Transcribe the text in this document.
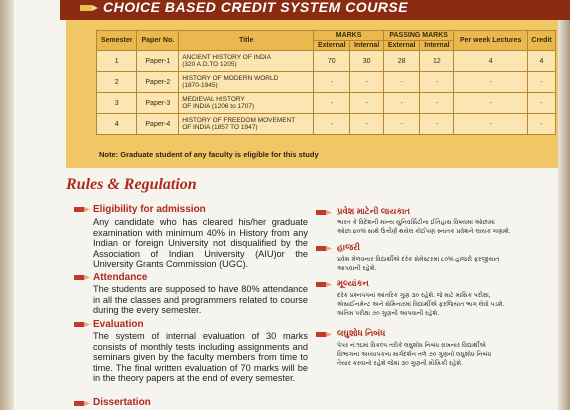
CHOICE BASED CREDIT SYSTEM COURSE
Semester	Paper No.	Title	MARKS		PASSING MARKS		Per week Lectures	Credit
			External	Internal	External	Internal		
1	Paper-1	ANCIENT HISTORY OF INDIA
(320 A.D.TO 1205)	70	30	28	12	4	4
2	Paper-2	HISTORY OF MODERN WORLD
(1870-1945)	-	-	-	-	-	-
3	Paper-3	MEDIEVAL HISTORY
OF INDIA (1206 to 1707)	-	-	-	-	-	-
4	Paper-4	HISTORY OF FREEDOM MOVEMENT
OF INDIA (1857 TO 1947)	-	-	-	-	-	-
Note: Graduate student of any faculty is eligible for this study
Rules & Regulation
Eligibility for admission
Any candidate who has cleared his/her graduate examination with minimum 40% in History from any Indian or foreign University not disqualified by the Association of Indian University (AIU)or the University Grants Commission (UGC).
Attendance
The students are supposed to have 80% attendance in all the classes and programmers related to course during the every semester.
Evaluation
The system of internal evaluation of 30 marks consists of monthly tests including assignments and seminars given by the faculty members from time to time. The final written evaluation of 70 marks will be in the theory papers at the end of every semester.
Dissertation
પ્રવેશ માટેની લાયકાત
ભારત કે વિદેશની માન્ય યુનિવર્સિટીના ઈતિહાસ વિષયમાં ઓછામાં
ઓછા ૪૦% સાથે ઉત્તીર્ણ થયેલ કોઈપણ સ્નાતક પ્રવેશને લાયક ગણાશે.
હાજરી
પ્રવેશ મેળવનાર વિદ્યાર્થીએ દરેક સેમેસ્ટરમાં ૮૦% હાજરી ફરજીયાત
આપવાની રહેશે.
મૂલ્યાંકન
દરેક પ્રશ્નપત્રનાં આંતરિક ગુણ ૩૦ રહેશે. જે માટે માસિક પરીક્ષા,
એસાઈનમેન્ટ અને સેમિનારમાં વિદ્યાર્થીએ ફરજિયાત ભાગ લેવો પડશે.
અંતિમ પરીક્ષા ૭૦ ગુણની આપવાની રહેશે.
લઘુશોધ નિબંધ
પેપર નં.૧૬માં વિકલ્પ તરીકે લઘુશોધ નિબંધ રાખનાર વિદ્યાર્થીએ
વિભાગના અધ્યાપકના માર્ગદર્શન તળે ૭૦ ગુણનો લઘુશોધ નિબંધ
તૈયાર કરવાનો રહેશે જેમાં ૩૦ ગુણની મૌખિકી રહેશે.
